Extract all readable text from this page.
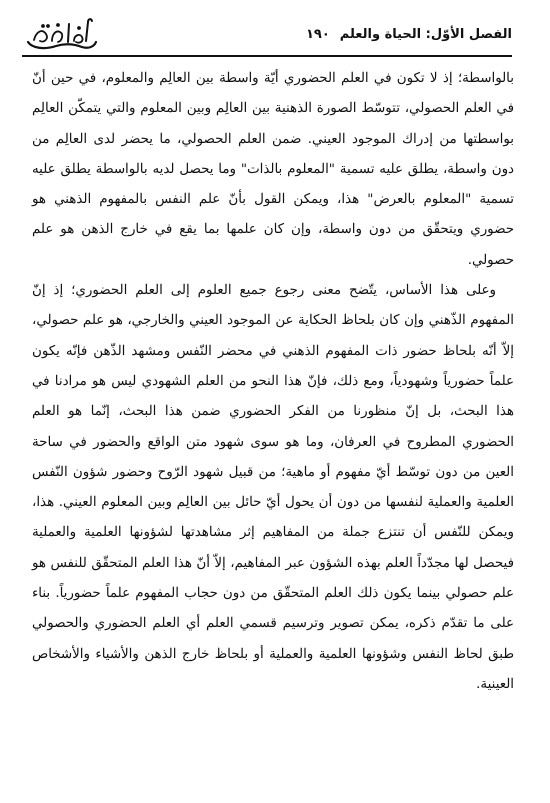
الفصل الأوّل: الحياة والعلم
١٩٠

بالواسطة؛ إذ لا تكون في العلم الحضوري أيّة واسطة بين العالِم والمعلوم، في حين أنّ في العلم الحصولي، تتوسّط الصورة الذهنية بين العالِم وبين المعلوم والتي يتمكّن العالِم بواسطتها من إدراك الموجود العيني. ضمن العلم الحصولي، ما يحضر لدى العالِم من دون واسطة، يطلق عليه تسمية "المعلوم بالذات" وما يحصل لديه بالواسطة يطلق عليه تسمية "المعلوم بالعرض" هذا، ويمكن القول بأنّ علم النفس بالمفهوم الذهني هو حضوري ويتحقّق من دون واسطة، وإن كان علمها بما يقع في خارج الذهن هو علم حصولي.

وعلى هذا الأساس، يتّضح معنى رجوع جميع العلوم إلى العلم الحضوري؛ إذ إنّ المفهوم الذّهني وإن كان بلحاظ الحكاية عن الموجود العيني والخارجي، هو علم حصولي، إلاّ أنّه بلحاظ حضور ذات المفهوم الذهني في محضر النّفس ومشهد الذّهن فإنّه يكون علماً حضورياً وشهودياً، ومع ذلك، فإنّ هذا النحو من العلم الشهودي ليس هو مرادنا في هذا البحث، بل إنّ منظورنا من الفكر الحضوري ضمن هذا البحث، إنّما هو العلم الحضوري المطروح في العرفان، وما هو سوى شهود متن الواقع والحضور في ساحة العين من دون توسّط أيّ مفهوم أو ماهية؛ من قبيل شهود الرّوح وحضور شؤون النّفس العلمية والعملية لنفسها من دون أن يحول أيّ حائل بين العالِم وبين المعلوم العيني. هذا، ويمكن للنّفس أن تنتزع جملة من المفاهيم إثر مشاهدتها لشؤونها العلمية والعملية فيحصل لها مجدّداً العلم بهذه الشؤون عبر المفاهيم، إلاّ أنّ هذا العلم المتحقّق للنفس هو علم حصولي بينما يكون ذلك العلم المتحقّق من دون حجاب المفهوم علماً حضورياً. بناء على ما تقدّم ذكره، يمكن تصوير وترسيم قسمي العلم أي العلم الحضوري والحصولي طبق لحاظ النفس وشؤونها العلمية والعملية أو بلحاظ خارج الذهن والأشياء والأشخاص العينية.
